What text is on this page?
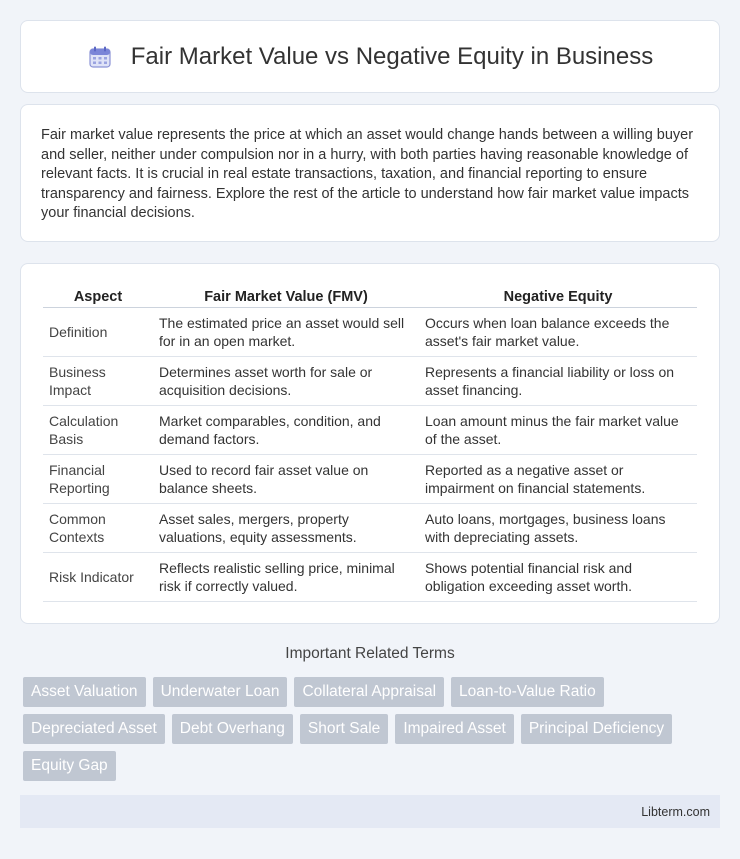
Fair Market Value vs Negative Equity in Business

Fair market value represents the price at which an asset would change hands between a willing buyer and seller, neither under compulsion nor in a hurry, with both parties having reasonable knowledge of relevant facts. It is crucial in real estate transactions, taxation, and financial reporting to ensure transparency and fairness. Explore the rest of the article to understand how fair market value impacts your financial decisions.

Aspect	Fair Market Value (FMV)	Negative Equity
Definition	The estimated price an asset would sell for in an open market.	Occurs when loan balance exceeds the asset's fair market value.
Business Impact	Determines asset worth for sale or acquisition decisions.	Represents a financial liability or loss on asset financing.
Calculation Basis	Market comparables, condition, and demand factors.	Loan amount minus the fair market value of the asset.
Financial Reporting	Used to record fair asset value on balance sheets.	Reported as a negative asset or impairment on financial statements.
Common Contexts	Asset sales, mergers, property valuations, equity assessments.	Auto loans, mortgages, business loans with depreciating assets.
Risk Indicator	Reflects realistic selling price, minimal risk if correctly valued.	Shows potential financial risk and obligation exceeding asset worth.
Important Related Terms
Asset Valuation	Underwater Loan	Collateral Appraisal	Loan-to-Value Ratio
Depreciated Asset	Debt Overhang	Short Sale	Impaired Asset	Principal Deficiency
Equity Gap
Libterm.com
